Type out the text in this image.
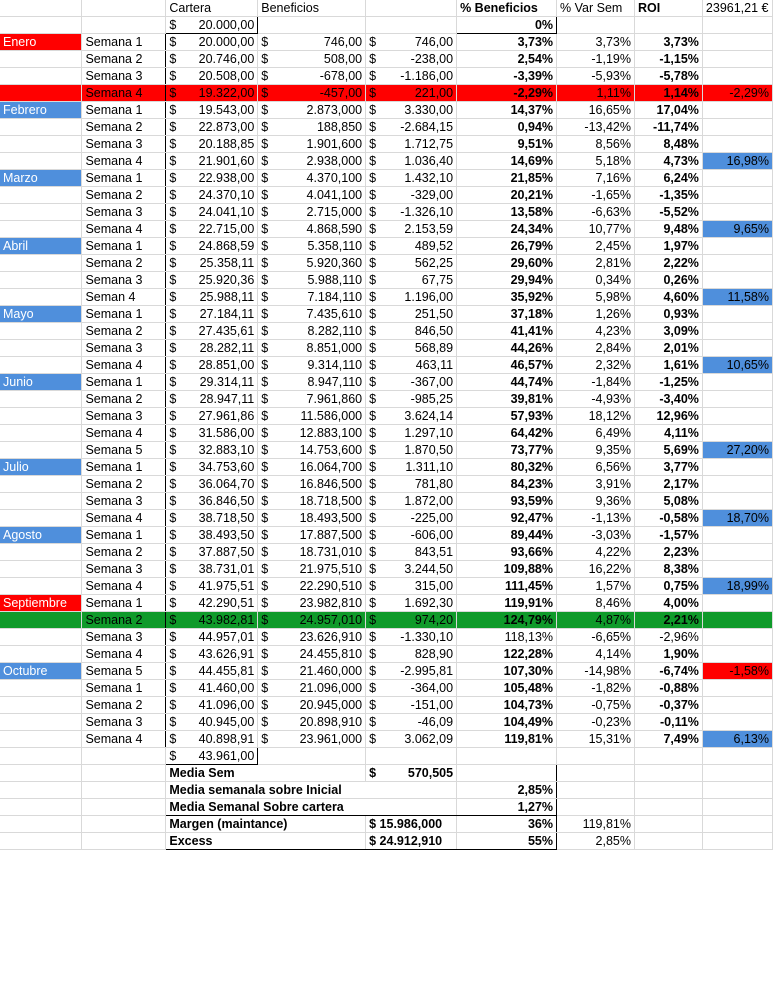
		Cartera	Beneficios		% Beneficios	% Var Sem	ROI	23961,21 €

		$ 20.000,00			0%			
Enero	Semana 1	$ 20.000,00	$ 746,00	$ 746,00	3,73%	3,73%	3,73%	
	Semana 2	$ 20.746,00	$ 508,00	$ -238,00	2,54%	-1,19%	-1,15%	
	Semana 3	$ 20.508,00	$ -678,00	$ -1.186,00	-3,39%	-5,93%	-5,78%	
	Semana 4	$ 19.322,00	$ -457,00	$ 221,00	-2,29%	1,11%	1,14%	-2,29%
Febrero	Semana 1	$ 19.543,00	$ 2.873,000	$ 3.330,00	14,37%	16,65%	17,04%	
	Semana 2	$ 22.873,00	$ 188,850	$ -2.684,15	0,94%	-13,42%	-11,74%	
	Semana 3	$ 20.188,85	$ 1.901,600	$ 1.712,75	9,51%	8,56%	8,48%	
	Semana 4	$ 21.901,60	$ 2.938,000	$ 1.036,40	14,69%	5,18%	4,73%	16,98%
Marzo	Semana 1	$ 22.938,00	$ 4.370,100	$ 1.432,10	21,85%	7,16%	6,24%	
	Semana 2	$ 24.370,10	$ 4.041,100	$ -329,00	20,21%	-1,65%	-1,35%	
	Semana 3	$ 24.041,10	$ 2.715,000	$ -1.326,10	13,58%	-6,63%	-5,52%	
	Semana 4	$ 22.715,00	$ 4.868,590	$ 2.153,59	24,34%	10,77%	9,48%	9,65%
Abril	Semana 1	$ 24.868,59	$ 5.358,110	$ 489,52	26,79%	2,45%	1,97%	
	Semana 2	$ 25.358,11	$ 5.920,360	$ 562,25	29,60%	2,81%	2,22%	
	Semana 3	$ 25.920,36	$ 5.988,110	$ 67,75	29,94%	0,34%	0,26%	
	Seman 4	$ 25.988,11	$ 7.184,110	$ 1.196,00	35,92%	5,98%	4,60%	11,58%
Mayo	Semana 1	$ 27.184,11	$ 7.435,610	$ 251,50	37,18%	1,26%	0,93%	
	Semana 2	$ 27.435,61	$ 8.282,110	$ 846,50	41,41%	4,23%	3,09%	
	Semana 3	$ 28.282,11	$ 8.851,000	$ 568,89	44,26%	2,84%	2,01%	
	Semana 4	$ 28.851,00	$ 9.314,110	$ 463,11	46,57%	2,32%	1,61%	10,65%
Junio	Semana 1	$ 29.314,11	$ 8.947,110	$ -367,00	44,74%	-1,84%	-1,25%	
	Semana 2	$ 28.947,11	$ 7.961,860	$ -985,25	39,81%	-4,93%	-3,40%	
	Semana 3	$ 27.961,86	$ 11.586,000	$ 3.624,14	57,93%	18,12%	12,96%	
	Semana 4	$ 31.586,00	$ 12.883,100	$ 1.297,10	64,42%	6,49%	4,11%	
	Semana 5	$ 32.883,10	$ 14.753,600	$ 1.870,50	73,77%	9,35%	5,69%	27,20%
Julio	Semana 1	$ 34.753,60	$ 16.064,700	$ 1.311,10	80,32%	6,56%	3,77%	
	Semana 2	$ 36.064,70	$ 16.846,500	$ 781,80	84,23%	3,91%	2,17%	
	Semana 3	$ 36.846,50	$ 18.718,500	$ 1.872,00	93,59%	9,36%	5,08%	
	Semana 4	$ 38.718,50	$ 18.493,500	$ -225,00	92,47%	-1,13%	-0,58%	18,70%
Agosto	Semana 1	$ 38.493,50	$ 17.887,500	$ -606,00	89,44%	-3,03%	-1,57%	
	Semana 2	$ 37.887,50	$ 18.731,010	$ 843,51	93,66%	4,22%	2,23%	
	Semana 3	$ 38.731,01	$ 21.975,510	$ 3.244,50	109,88%	16,22%	8,38%	
	Semana 4	$ 41.975,51	$ 22.290,510	$ 315,00	111,45%	1,57%	0,75%	18,99%
Septiembre	Semana 1	$ 42.290,51	$ 23.982,810	$ 1.692,30	119,91%	8,46%	4,00%	
	Semana 2	$ 43.982,81	$ 24.957,010	$ 974,20	124,79%	4,87%	2,21%	
	Semana 3	$ 44.957,01	$ 23.626,910	$ -1.330,10	118,13%	-6,65%	-2,96%	
	Semana 4	$ 43.626,91	$ 24.455,810	$ 828,90	122,28%	4,14%	1,90%	
Octubre	Semana 5	$ 44.455,81	$ 21.460,000	$ -2.995,81	107,30%	-14,98%	-6,74%	-1,58%
	Semana 1	$ 41.460,00	$ 21.096,000	$ -364,00	105,48%	-1,82%	-0,88%	
	Semana 2	$ 41.096,00	$ 20.945,000	$ -151,00	104,73%	-0,75%	-0,37%	
	Semana 3	$ 40.945,00	$ 20.898,910	$ -46,09	104,49%	-0,23%	-0,11%	
	Semana 4	$ 40.898,91	$ 23.961,000	$ 3.062,09	119,81%	15,31%	7,49%	6,13%

		$ 43.961,00						
		Media Sem		$ 570,505				
		Media semanala sobre Inicial			2,85%			
		Media Semanal Sobre cartera			1,27%			
		Margen (maintance)		$ 15.986,000	36%	119,81%		
		Excess		$ 24.912,910	55%	2,85%		
